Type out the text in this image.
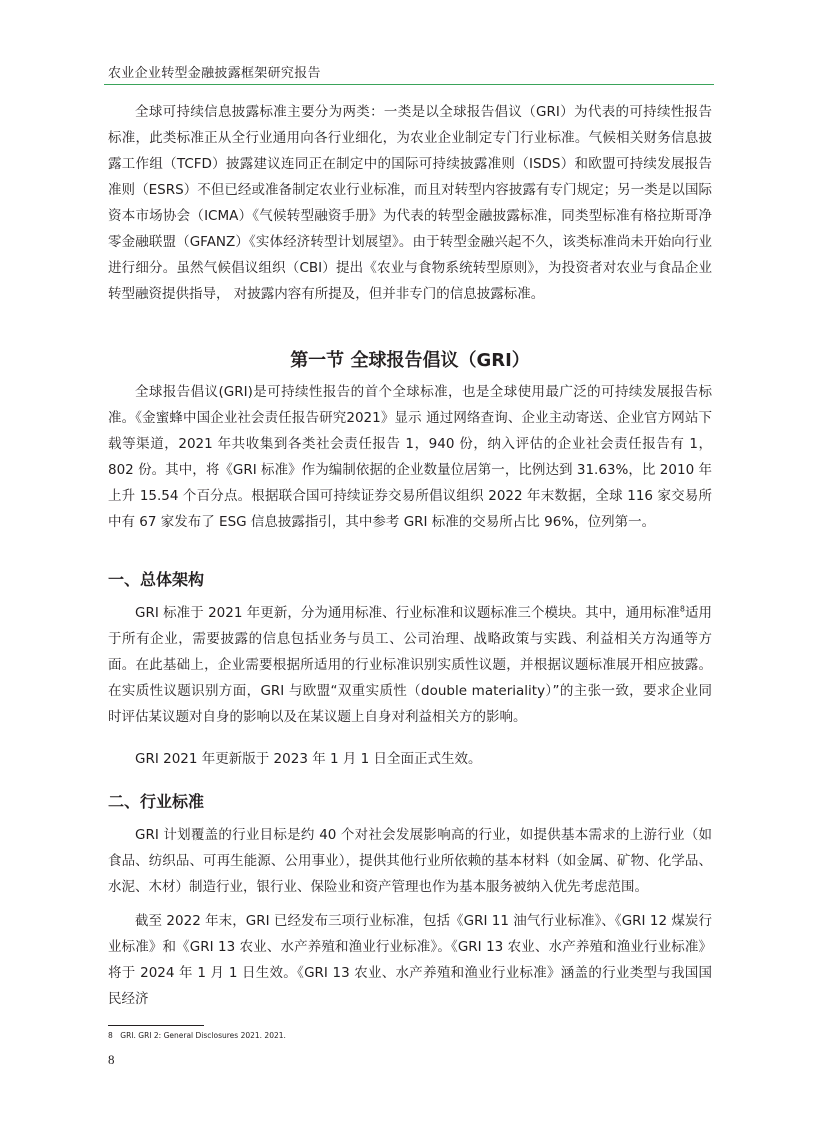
农业企业转型金融披露框架研究报告

全球可持续信息披露标准主要分为两类：一类是以全球报告倡议（GRI）为代表的可持续性报告标准，此类标准正从全行业通用向各行业细化，为农业企业制定专门行业标准。气候相关财务信息披露工作组（TCFD）披露建议连同正在制定中的国际可持续披露准则（ISDS）和欧盟可持续发展报告准则（ESRS）不但已经或准备制定农业行业标准，而且对转型内容披露有专门规定；另一类是以国际资本市场协会（ICMA）《气候转型融资手册》为代表的转型金融披露标准，同类型标准有格拉斯哥净零金融联盟（GFANZ）《实体经济转型计划展望》。由于转型金融兴起不久，该类标准尚未开始向行业进行细分。虽然气候倡议组织（CBI）提出《农业与食物系统转型原则》，为投资者对农业与食品企业转型融资提供指导， 对披露内容有所提及，但并非专门的信息披露标准。

第一节 全球报告倡议（GRI）

全球报告倡议(GRI)是可持续性报告的首个全球标准，也是全球使用最广泛的可持续发展报告标准。《金蜜蜂中国企业社会责任报告研究2021》显示 通过网络查询、企业主动寄送、企业官方网站下载等渠道，2021 年共收集到各类社会责任报告 1，940 份，纳入评估的企业社会责任报告有 1，802 份。其中，将《GRI 标准》作为编制依据的企业数量位居第一，比例达到 31.63%，比 2010 年上升 15.54 个百分点。根据联合国可持续证券交易所倡议组织 2022 年末数据，全球 116 家交易所中有 67 家发布了 ESG 信息披露指引，其中参考 GRI 标准的交易所占比 96%，位列第一。

一、总体架构

GRI 标准于 2021 年更新，分为通用标准、行业标准和议题标准三个模块。其中，通用标准$^8$适用于所有企业，需要披露的信息包括业务与员工、公司治理、战略政策与实践、利益相关方沟通等方面。在此基础上，企业需要根据所适用的行业标准识别实质性议题，并根据议题标准展开相应披露。在实质性议题识别方面，GRI 与欧盟“双重实质性（double materiality）”的主张一致，要求企业同时评估某议题对自身的影响以及在某议题上自身对利益相关方的影响。

GRI 2021 年更新版于 2023 年 1 月 1 日全面正式生效。

二、行业标准

GRI 计划覆盖的行业目标是约 40 个对社会发展影响高的行业，如提供基本需求的上游行业（如食品、纺织品、可再生能源、公用事业），提供其他行业所依赖的基本材料（如金属、矿物、化学品、水泥、木材）制造行业，银行业、保险业和资产管理也作为基本服务被纳入优先考虑范围。

截至 2022 年末，GRI 已经发布三项行业标准，包括《GRI 11 油气行业标准》、《GRI 12 煤炭行业标准》和《GRI 13 农业、水产养殖和渔业行业标准》。《GRI 13 农业、水产养殖和渔业行业标准》将于 2024 年 1 月 1 日生效。《GRI 13 农业、水产养殖和渔业行业标准》涵盖的行业类型与我国国民经济

8　GRI. GRI 2: General Disclosures 2021. 2021.
8
